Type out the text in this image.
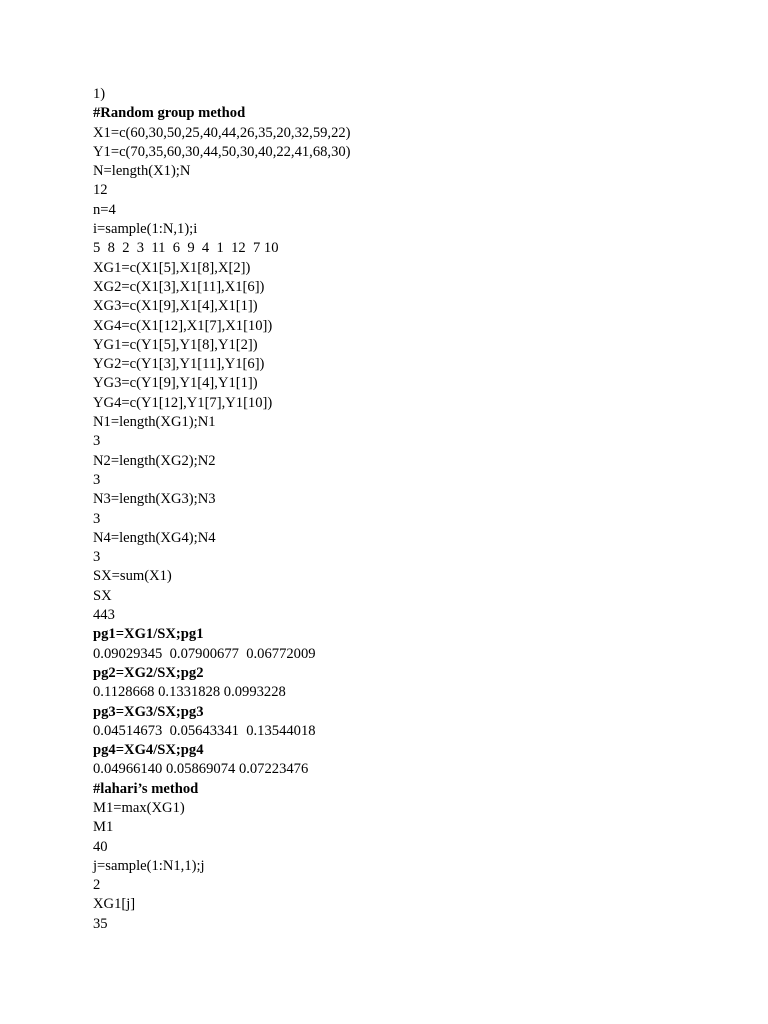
1)
#Random group method
X1=c(60,30,50,25,40,44,26,35,20,32,59,22)
Y1=c(70,35,60,30,44,50,30,40,22,41,68,30)
N=length(X1);N
12
n=4
i=sample(1:N,1);i
5  8  2  3  11  6  9  4  1  12  7 10
XG1=c(X1[5],X1[8],X[2])
XG2=c(X1[3],X1[11],X1[6])
XG3=c(X1[9],X1[4],X1[1])
XG4=c(X1[12],X1[7],X1[10])
YG1=c(Y1[5],Y1[8],Y1[2])
YG2=c(Y1[3],Y1[11],Y1[6])
YG3=c(Y1[9],Y1[4],Y1[1])
YG4=c(Y1[12],Y1[7],Y1[10])
N1=length(XG1);N1
3
N2=length(XG2);N2
3
N3=length(XG3);N3
3
N4=length(XG4);N4
3
SX=sum(X1)
SX
443
pg1=XG1/SX;pg1
0.09029345  0.07900677  0.06772009
pg2=XG2/SX;pg2
0.1128668 0.1331828 0.0993228
pg3=XG3/SX;pg3
0.04514673  0.05643341  0.13544018
pg4=XG4/SX;pg4
0.04966140 0.05869074 0.07223476
#lahari’s method
M1=max(XG1)
M1
40
j=sample(1:N1,1);j
2
XG1[j]
35
